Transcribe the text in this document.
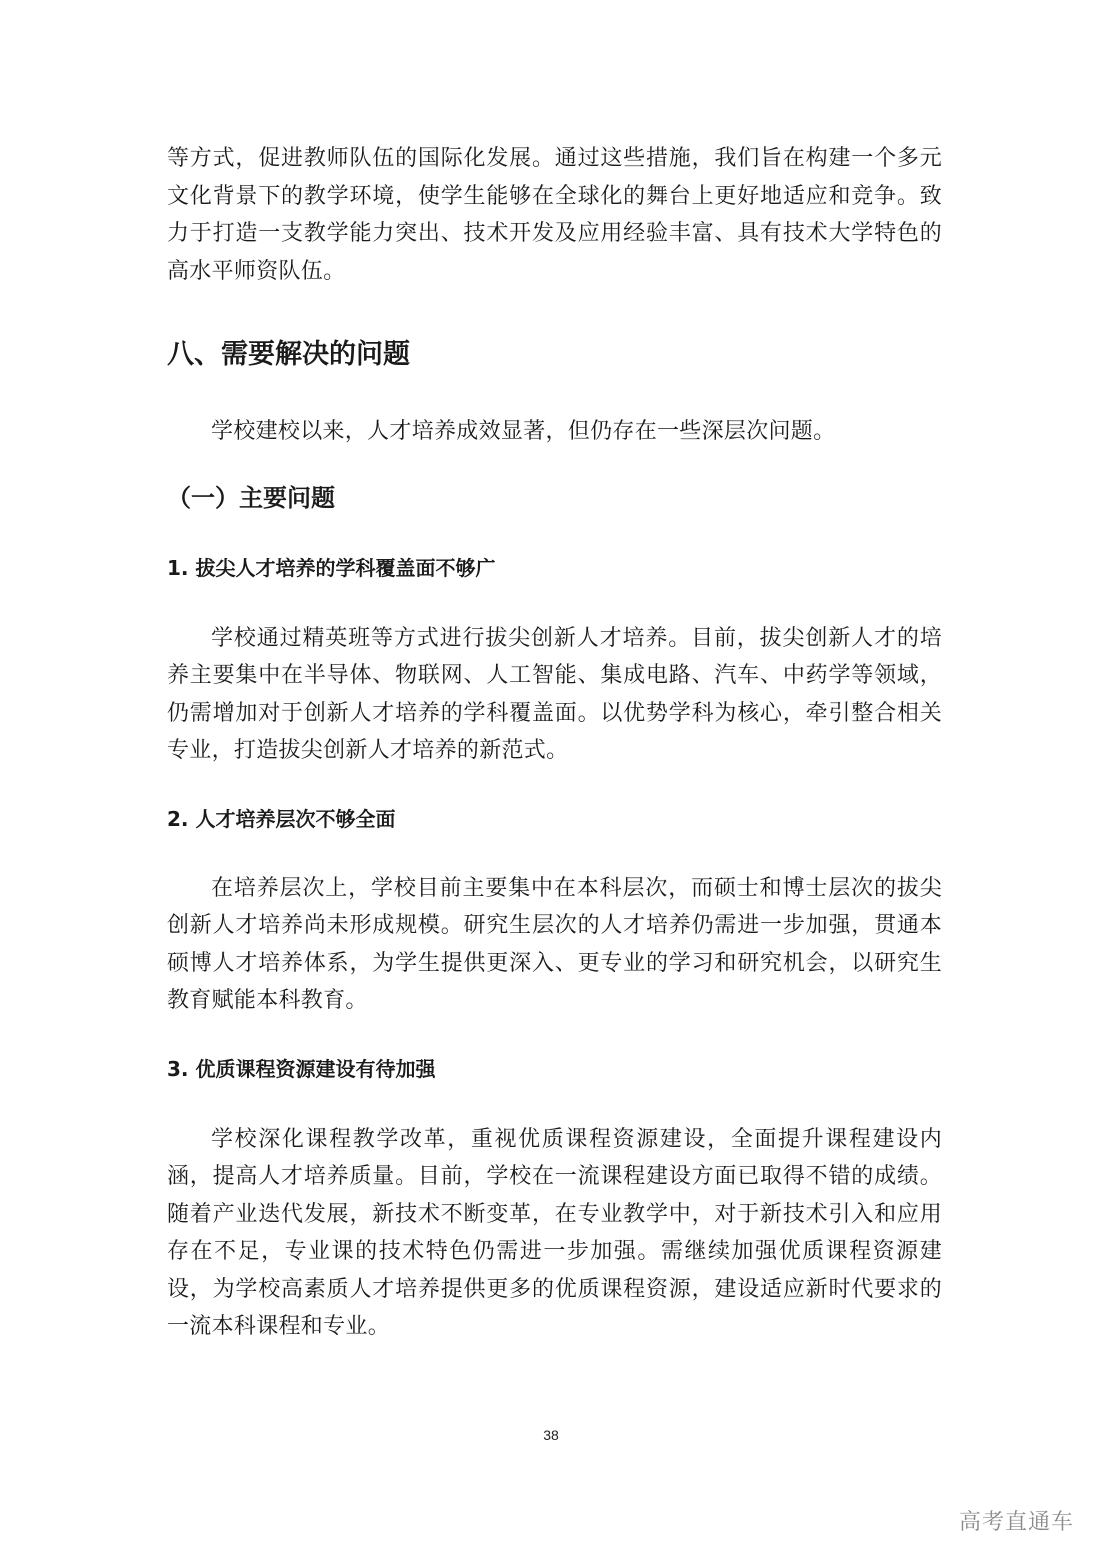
等方式，促进教师队伍的国际化发展。通过这些措施，我们旨在构建一个多元文化背景下的教学环境，使学生能够在全球化的舞台上更好地适应和竞争。致力于打造一支教学能力突出、技术开发及应用经验丰富、具有技术大学特色的高水平师资队伍。

八、需要解决的问题

学校建校以来，人才培养成效显著，但仍存在一些深层次问题。

（一）主要问题
1. 拔尖人才培养的学科覆盖面不够广

学校通过精英班等方式进行拔尖创新人才培养。目前，拔尖创新人才的培养主要集中在半导体、物联网、人工智能、集成电路、汽车、中药学等领域，仍需增加对于创新人才培养的学科覆盖面。以优势学科为核心，牵引整合相关专业，打造拔尖创新人才培养的新范式。

2. 人才培养层次不够全面

在培养层次上，学校目前主要集中在本科层次，而硕士和博士层次的拔尖创新人才培养尚未形成规模。研究生层次的人才培养仍需进一步加强，贯通本硕博人才培养体系，为学生提供更深入、更专业的学习和研究机会，以研究生教育赋能本科教育。

3. 优质课程资源建设有待加强

学校深化课程教学改革，重视优质课程资源建设，全面提升课程建设内涵，提高人才培养质量。目前，学校在一流课程建设方面已取得不错的成绩。随着产业迭代发展，新技术不断变革，在专业教学中，对于新技术引入和应用存在不足，专业课的技术特色仍需进一步加强。需继续加强优质课程资源建设，为学校高素质人才培养提供更多的优质课程资源，建设适应新时代要求的一流本科课程和专业。

38
高考直通车
